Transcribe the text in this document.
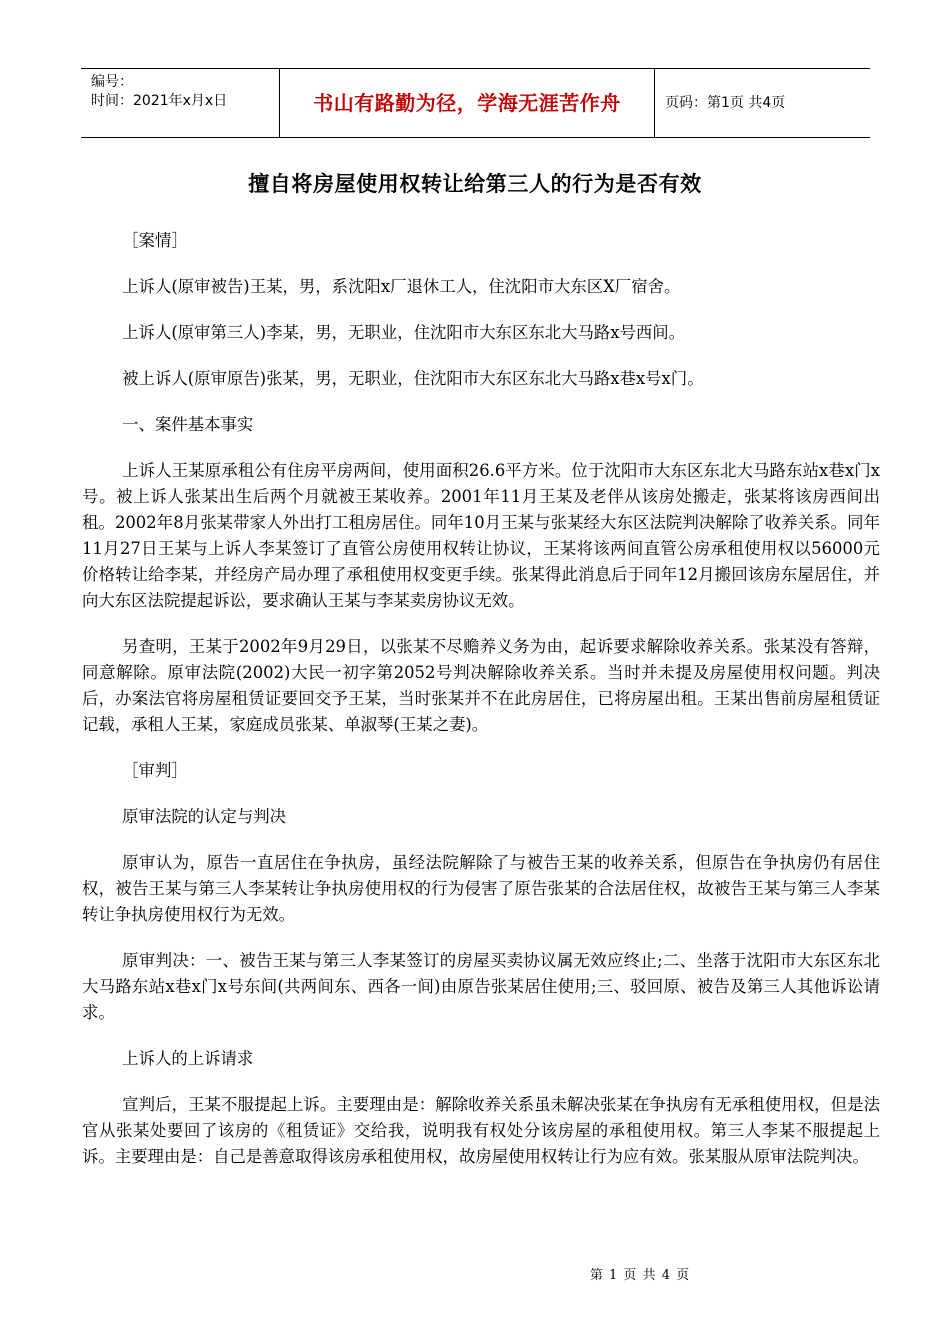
编号：
时间：2021年x月x日	书山有路勤为径，学海无涯苦作舟	页码：第1页 共4页
擅自将房屋使用权转让给第三人的行为是否有效

［案情］

上诉人(原审被告)王某，男，系沈阳x厂退休工人，住沈阳市大东区X厂宿舍。

上诉人(原审第三人)李某，男，无职业，住沈阳市大东区东北大马路x号西间。

被上诉人(原审原告)张某，男，无职业，住沈阳市大东区东北大马路x巷x号x门。

一、案件基本事实

上诉人王某原承租公有住房平房两间，使用面积26.6平方米。位于沈阳市大东区东北大马路东站x巷x门x号。被上诉人张某出生后两个月就被王某收养。2001年11月王某及老伴从该房处搬走，张某将该房西间出租。2002年8月张某带家人外出打工租房居住。同年10月王某与张某经大东区法院判决解除了收养关系。同年11月27日王某与上诉人李某签订了直管公房使用权转让协议，王某将该两间直管公房承租使用权以56000元价格转让给李某，并经房产局办理了承租使用权变更手续。张某得此消息后于同年12月搬回该房东屋居住，并向大东区法院提起诉讼，要求确认王某与李某卖房协议无效。

另查明，王某于2002年9月29日，以张某不尽赡养义务为由，起诉要求解除收养关系。张某没有答辩，同意解除。原审法院(2002)大民一初字第2052号判决解除收养关系。当时并未提及房屋使用权问题。判决后，办案法官将房屋租赁证要回交予王某，当时张某并不在此房居住，已将房屋出租。王某出售前房屋租赁证记载，承租人王某，家庭成员张某、单淑琴(王某之妻)。

［审判］

原审法院的认定与判决

原审认为，原告一直居住在争执房，虽经法院解除了与被告王某的收养关系，但原告在争执房仍有居住权，被告王某与第三人李某转让争执房使用权的行为侵害了原告张某的合法居住权，故被告王某与第三人李某转让争执房使用权行为无效。

原审判决：一、被告王某与第三人李某签订的房屋买卖协议属无效应终止;二、坐落于沈阳市大东区东北大马路东站x巷x门x号东间(共两间东、西各一间)由原告张某居住使用;三、驳回原、被告及第三人其他诉讼请求。

上诉人的上诉请求

宣判后，王某不服提起上诉。主要理由是：解除收养关系虽未解决张某在争执房有无承租使用权，但是法官从张某处要回了该房的《租赁证》交给我，说明我有权处分该房屋的承租使用权。第三人李某不服提起上诉。主要理由是：自己是善意取得该房承租使用权，故房屋使用权转让行为应有效。张某服从原审法院判决。

第 1 页 共 4 页
